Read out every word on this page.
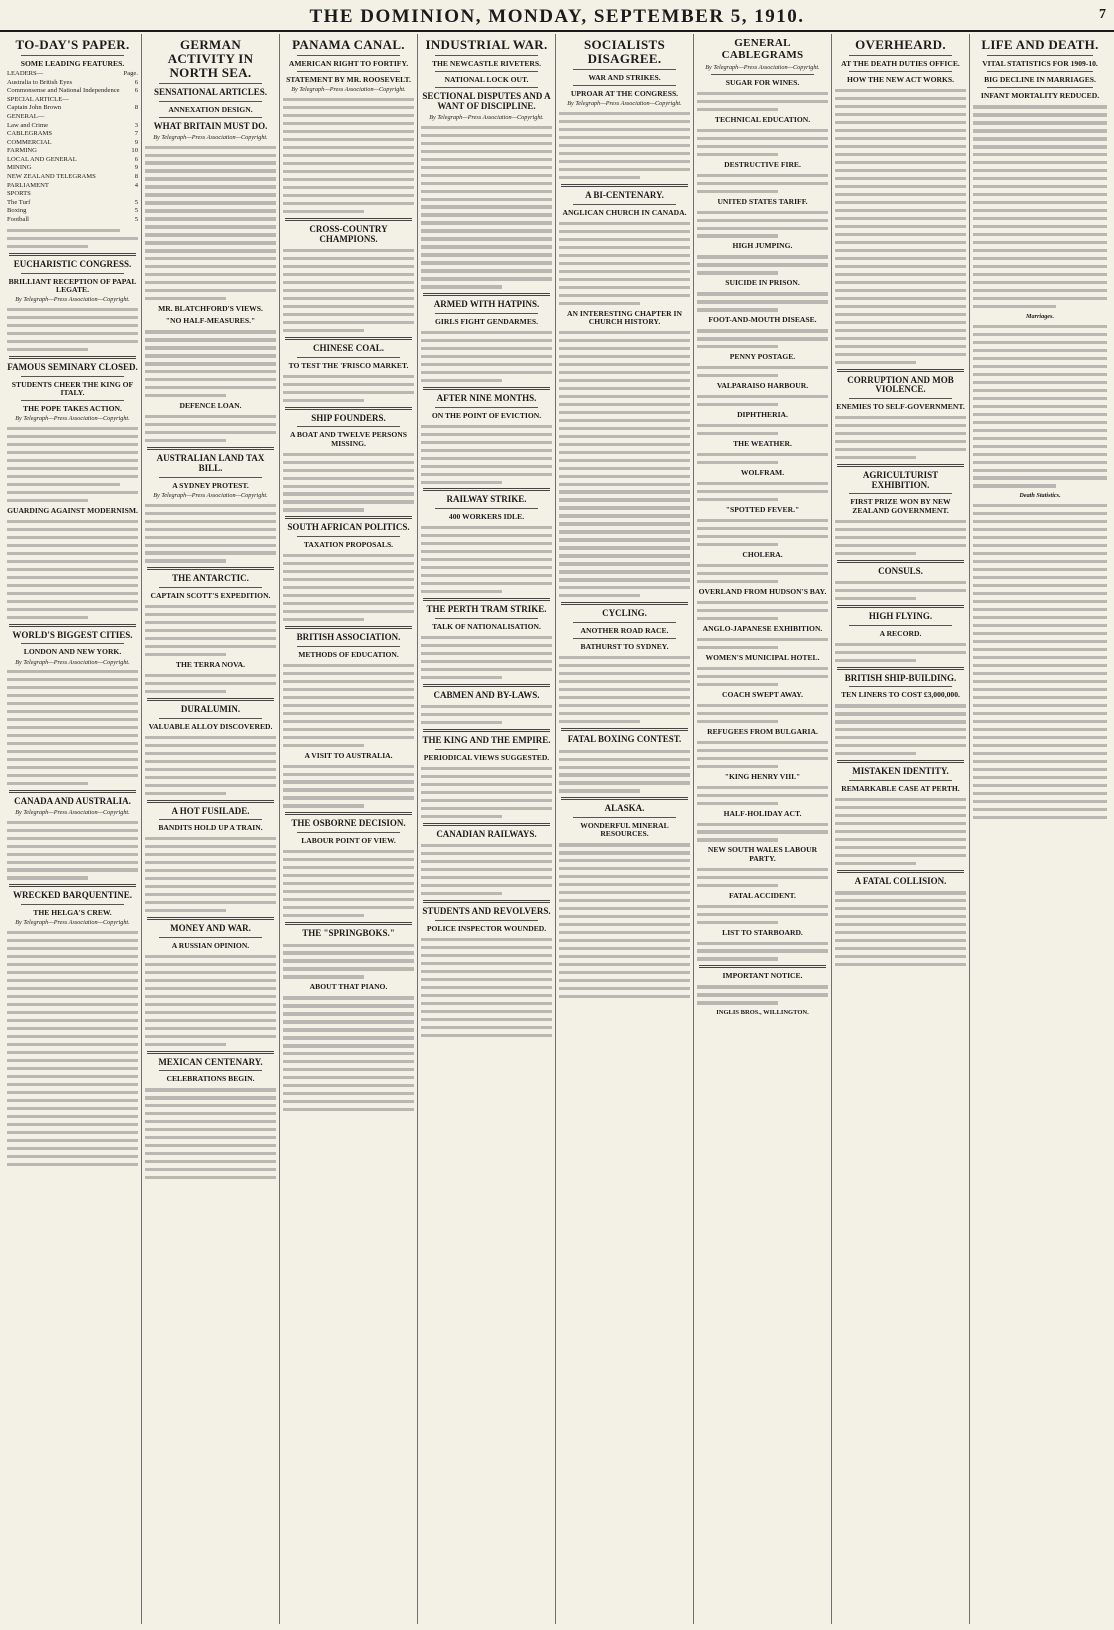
THE DOMINION, MONDAY, SEPTEMBER 5, 1910.	7
TO-DAY'S PAPER.
SOME LEADING FEATURES.
LEADERS—	Page.
Australia to British Eyes	6
Commonsense and National Independence 6
SPECIAL ARTICLE—
Captain John Brown	8
GENERAL—
Law and Crime	3
CABLEGRAMS	7
COMMERCIAL	9
FARMING	10
LOCAL AND GENERAL	6
MINING	9
NEW ZEALAND TELEGRAMS	8
PARLIAMENT	4
SPORTS
The Turf	5
Boxing	5
Football	5
EUCHARISTIC CONGRESS.
BRILLIANT RECEPTION OF PAPAL LEGATE.
By Telegraph—Press Association—Copyright.
FAMOUS SEMINARY CLOSED.
STUDENTS CHEER THE KING OF ITALY.
THE POPE TAKES ACTION.
By Telegraph—Press Association—Copyright.
GUARDING AGAINST MODERNISM.
WORLD'S BIGGEST CITIES.
LONDON AND NEW YORK.
By Telegraph—Press Association—Copyright.
CANADA AND AUSTRALIA.
By Telegraph—Press Association—Copyright.
WRECKED BARQUENTINE.
THE HELGA'S CREW.
By Telegraph—Press Association—Copyright.
GERMAN ACTIVITY IN NORTH SEA.
SENSATIONAL ARTICLES.
ANNEXATION DESIGN.
WHAT BRITAIN MUST DO.
By Telegraph—Press Association—Copyright.
MR. BLATCHFORD'S VIEWS.
"NO HALF-MEASURES."
DEFENCE LOAN.
AUSTRALIAN LAND TAX BILL.
A SYDNEY PROTEST.
By Telegraph—Press Association—Copyright.
THE ANTARCTIC.
CAPTAIN SCOTT'S EXPEDITION.
THE TERRA NOVA.
DURALUMIN.
VALUABLE ALLOY DISCOVERED.
A HOT FUSILADE.
BANDITS HOLD UP A TRAIN.
MONEY AND WAR.
A RUSSIAN OPINION.
MEXICAN CENTENARY.
CELEBRATIONS BEGIN.
PANAMA CANAL.
AMERICAN RIGHT TO FORTIFY.
STATEMENT BY MR. ROOSEVELT.
By Telegraph—Press Association—Copyright.
CROSS-COUNTRY CHAMPIONS.
CHINESE COAL.
TO TEST THE 'FRISCO MARKET.
SHIP FOUNDERS.
A BOAT AND TWELVE PERSONS MISSING.
SOUTH AFRICAN POLITICS.
TAXATION PROPOSALS.
BRITISH ASSOCIATION.
METHODS OF EDUCATION.
A VISIT TO AUSTRALIA.
THE OSBORNE DECISION.
LABOUR POINT OF VIEW.
THE "SPRINGBOKS."
ABOUT THAT PIANO.
INDUSTRIAL WAR.
THE NEWCASTLE RIVETERS.
NATIONAL LOCK OUT.
SECTIONAL DISPUTES AND A WANT OF DISCIPLINE.
By Telegraph—Press Association—Copyright.
ARMED WITH HATPINS.
GIRLS FIGHT GENDARMES.
AFTER NINE MONTHS.
ON THE POINT OF EVICTION.
RAILWAY STRIKE.
400 WORKERS IDLE.
THE PERTH TRAM STRIKE.
TALK OF NATIONALISATION.
CABMEN AND BY-LAWS.
THE KING AND THE EMPIRE.
PERIODICAL VIEWS SUGGESTED.
CANADIAN RAILWAYS.
STUDENTS AND REVOLVERS.
POLICE INSPECTOR WOUNDED.
SOCIALISTS DISAGREE.
WAR AND STRIKES.
UPROAR AT THE CONGRESS.
By Telegraph—Press Association—Copyright.
A BI-CENTENARY.
ANGLICAN CHURCH IN CANADA.
AN INTERESTING CHAPTER IN CHURCH HISTORY.
CYCLING.
ANOTHER ROAD RACE.
BATHURST TO SYDNEY.
FATAL BOXING CONTEST.
ALASKA.
WONDERFUL MINERAL RESOURCES.
GENERAL CABLEGRAMS
By Telegraph—Press Association—Copyright.
SUGAR FOR WINES.
TECHNICAL EDUCATION.
DESTRUCTIVE FIRE.
UNITED STATES TARIFF.
HIGH JUMPING.
SUICIDE IN PRISON.
FOOT-AND-MOUTH DISEASE.
PENNY POSTAGE.
VALPARAISO HARBOUR.
DIPHTHERIA.
THE WEATHER.
WOLFRAM.
"SPOTTED FEVER."
CHOLERA.
OVERLAND FROM HUDSON'S BAY.
ANGLO-JAPANESE EXHIBITION.
WOMEN'S MUNICIPAL HOTEL.
COACH SWEPT AWAY.
REFUGEES FROM BULGARIA.
"KING HENRY VIII."
HALF-HOLIDAY ACT.
NEW SOUTH WALES LABOUR PARTY.
FATAL ACCIDENT.
LIST TO STARBOARD.
IMPORTANT NOTICE.
INGLIS BROS., WILLINGTON.
OVERHEARD.
AT THE DEATH DUTIES OFFICE.
HOW THE NEW ACT WORKS.
CORRUPTION AND MOB VIOLENCE.
ENEMIES TO SELF-GOVERNMENT.
AGRICULTURIST EXHIBITION.
FIRST PRIZE WON BY NEW ZEALAND GOVERNMENT.
CONSULS.
HIGH FLYING.
A RECORD.
BRITISH SHIP-BUILDING.
TEN LINERS TO COST £3,000,000.
MISTAKEN IDENTITY.
REMARKABLE CASE AT PERTH.
A FATAL COLLISION.
LIFE AND DEATH.
VITAL STATISTICS FOR 1909-10.
BIG DECLINE IN MARRIAGES.
INFANT MORTALITY REDUCED.
Marriages.
Death Statistics.
